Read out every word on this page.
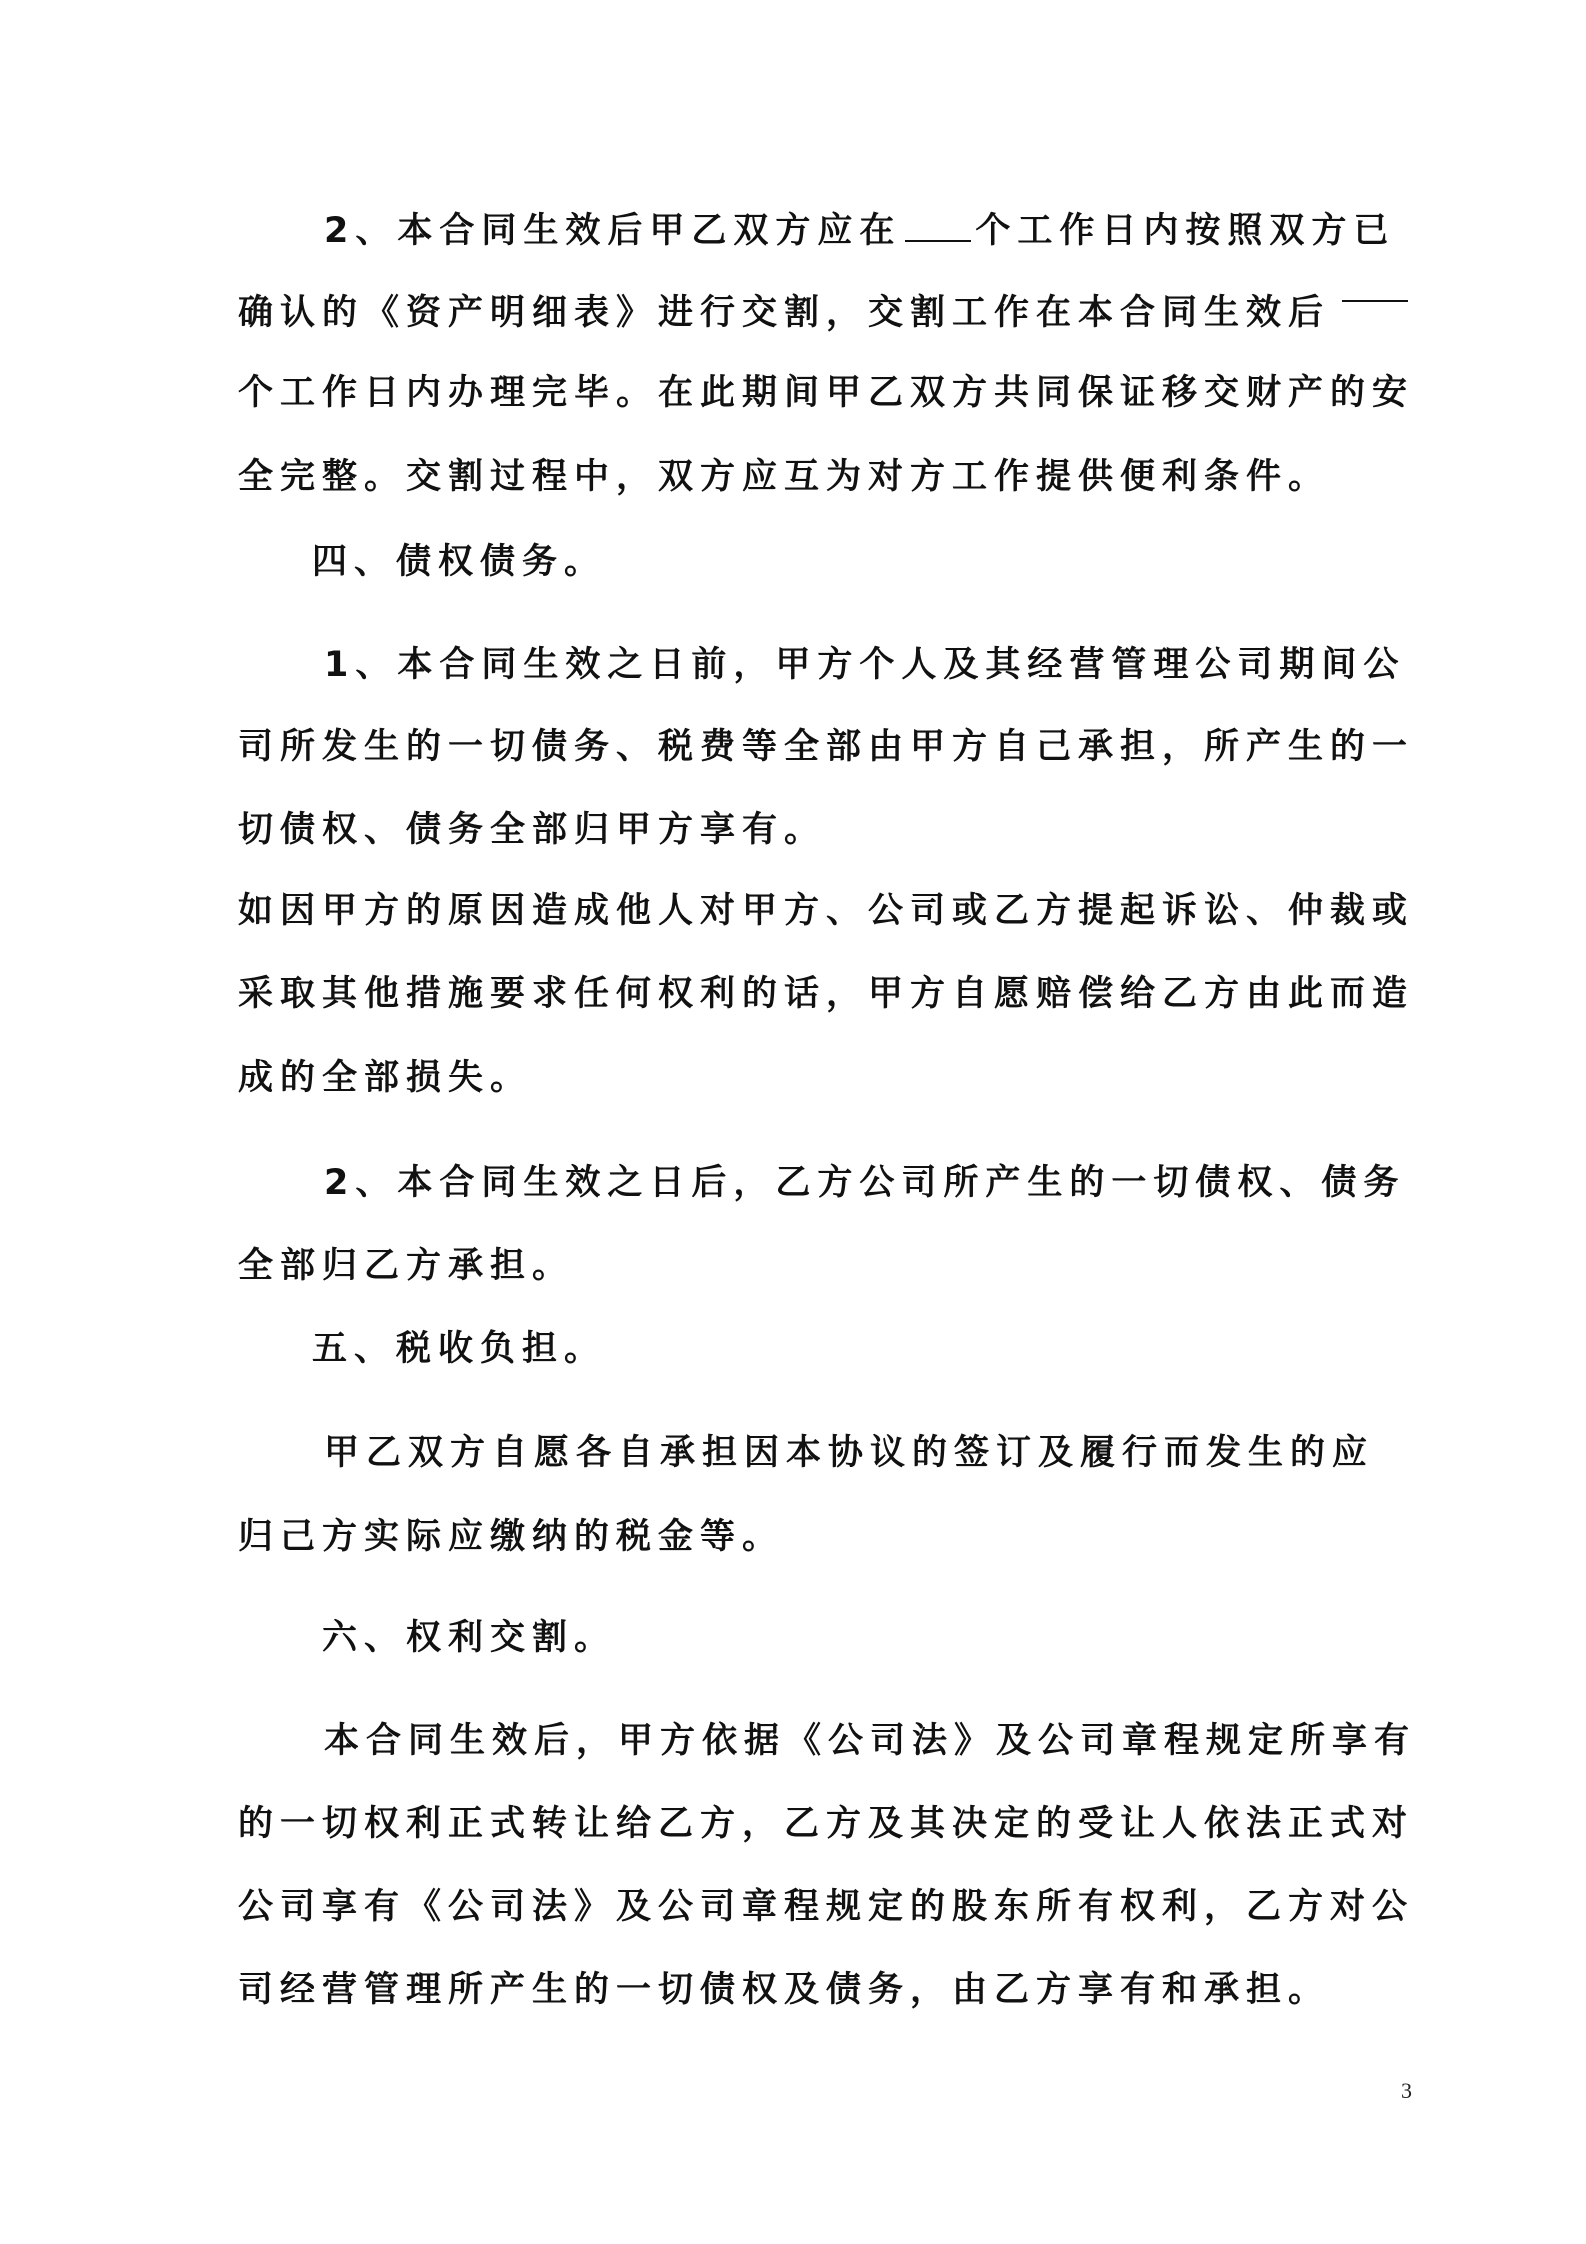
2、本合同生效后甲乙双方应在 个工作日内按照双方已
确认的《资产明细表》进行交割，交割工作在本合同生效后
个工作日内办理完毕。在此期间甲乙双方共同保证移交财产的安
全完整。交割过程中，双方应互为对方工作提供便利条件。
四、债权债务。
1、本合同生效之日前，甲方个人及其经营管理公司期间公
司所发生的一切债务、税费等全部由甲方自己承担，所产生的一
切债权、债务全部归甲方享有。
如因甲方的原因造成他人对甲方、公司或乙方提起诉讼、仲裁或
采取其他措施要求任何权利的话，甲方自愿赔偿给乙方由此而造
成的全部损失。
2、本合同生效之日后，乙方公司所产生的一切债权、债务
全部归乙方承担。
五、税收负担。
甲乙双方自愿各自承担因本协议的签订及履行而发生的应
归己方实际应缴纳的税金等。
六、权利交割。
本合同生效后，甲方依据《公司法》及公司章程规定所享有
的一切权利正式转让给乙方，乙方及其决定的受让人依法正式对
公司享有《公司法》及公司章程规定的股东所有权利，乙方对公
司经营管理所产生的一切债权及债务，由乙方享有和承担。
3
